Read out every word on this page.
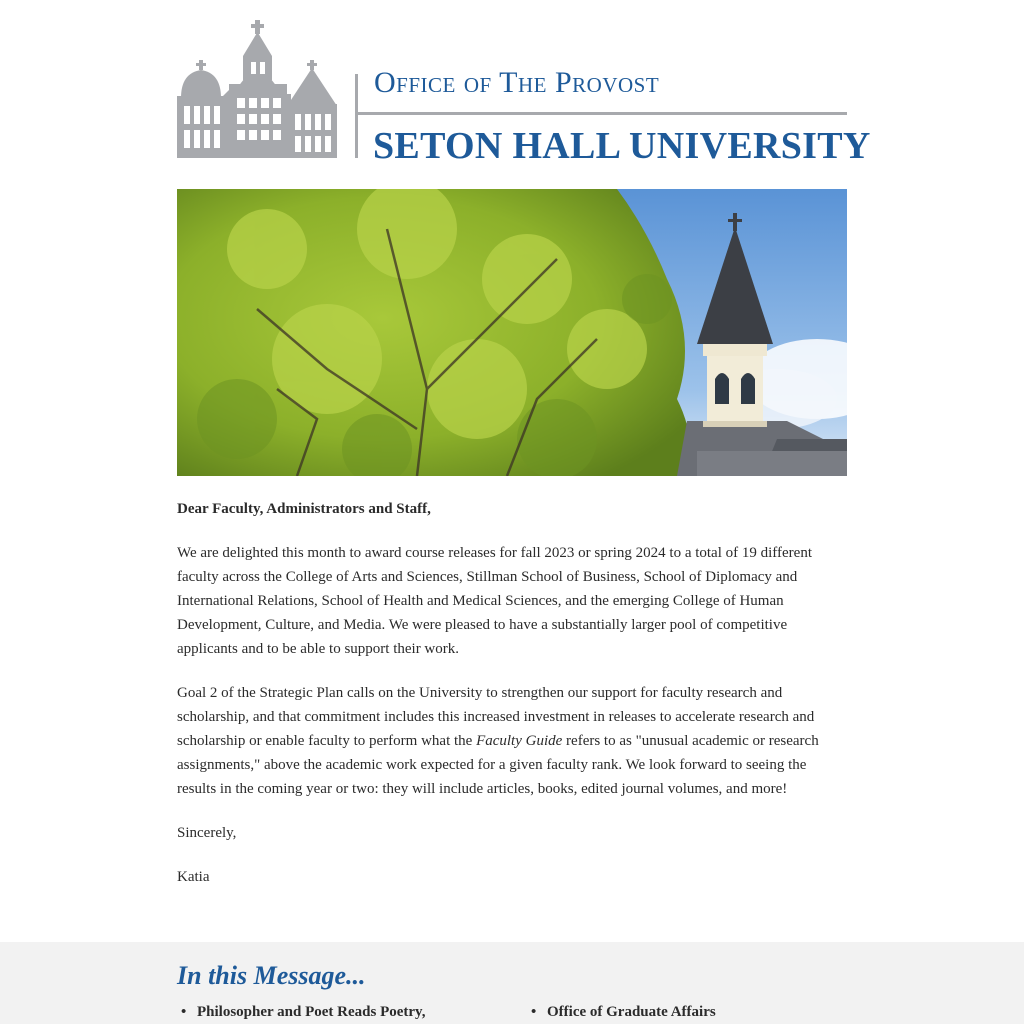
Office of The Provost
SETON HALL UNIVERSITY

Dear Faculty, Administrators and Staff,

We are delighted this month to award course releases for fall 2023 or spring 2024 to a total of 19 different faculty across the College of Arts and Sciences, Stillman School of Business, School of Diplomacy and International Relations, School of Health and Medical Sciences, and the emerging College of Human Development, Culture, and Media. We were pleased to have a substantially larger pool of competitive applicants and to be able to support their work.

Goal 2 of the Strategic Plan calls on the University to strengthen our support for faculty research and scholarship, and that commitment includes this increased investment in releases to accelerate research and scholarship or enable faculty to perform what the Faculty Guide refers to as "unusual academic or research assignments," above the academic work expected for a given faculty rank. We look forward to seeing the results in the coming year or two: they will include articles, books, edited journal volumes, and more!

Sincerely,

Katia

In this Message...
• Philosopher and Poet Reads Poetry,
•	Office of Graduate Affairs
